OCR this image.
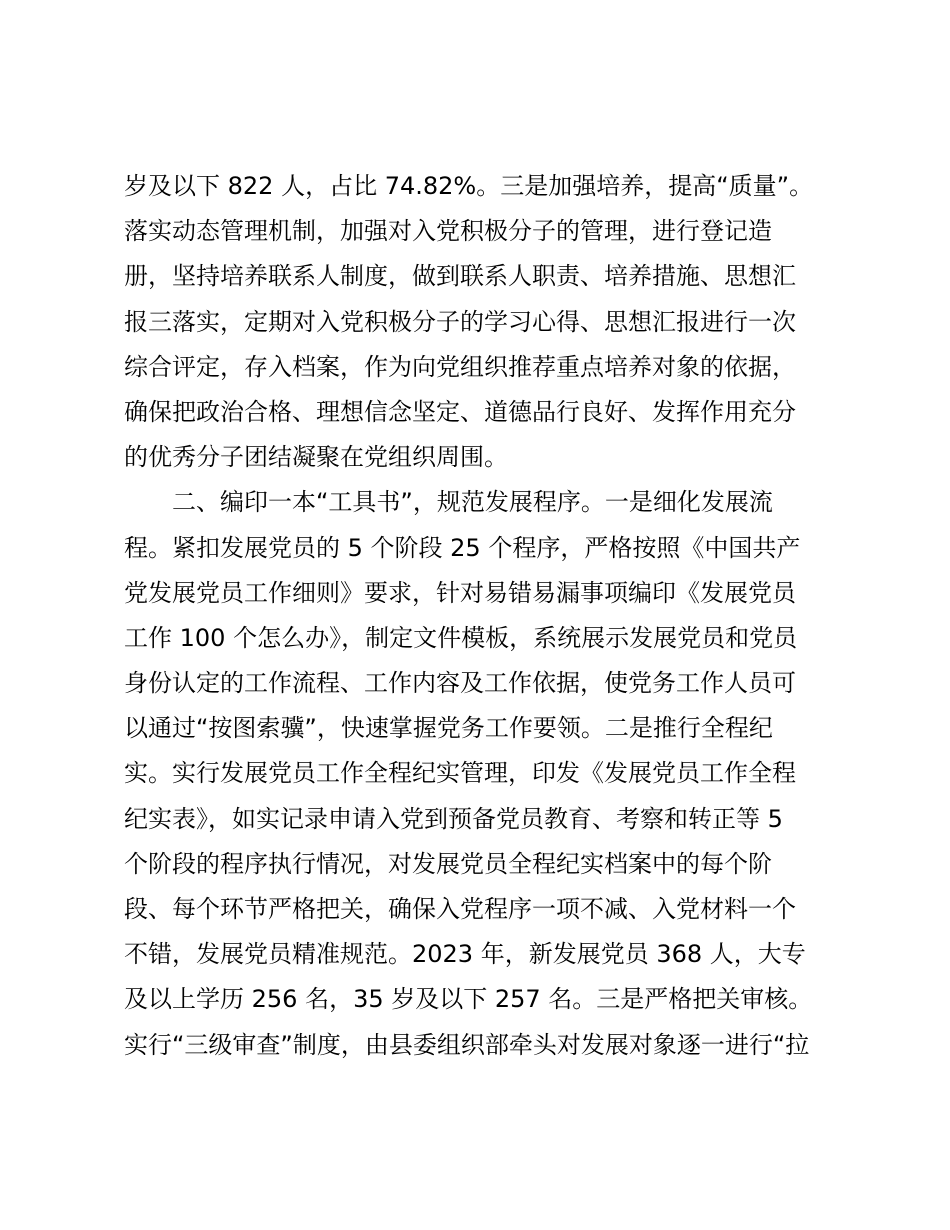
岁及以下 822 人，占比 74.82%。三是加强培养，提高“质量”。
落实动态管理机制，加强对入党积极分子的管理，进行登记造
册，坚持培养联系人制度，做到联系人职责、培养措施、思想汇
报三落实，定期对入党积极分子的学习心得、思想汇报进行一次
综合评定，存入档案，作为向党组织推荐重点培养对象的依据，
确保把政治合格、理想信念坚定、道德品行良好、发挥作用充分
的优秀分子团结凝聚在党组织周围。
　　二、编印一本“工具书”，规范发展程序。一是细化发展流
程。紧扣发展党员的 5 个阶段 25 个程序，严格按照《中国共产
党发展党员工作细则》要求，针对易错易漏事项编印《发展党员
工作 100 个怎么办》，制定文件模板，系统展示发展党员和党员
身份认定的工作流程、工作内容及工作依据，使党务工作人员可
以通过“按图索骥”，快速掌握党务工作要领。二是推行全程纪
实。实行发展党员工作全程纪实管理，印发《发展党员工作全程
纪实表》，如实记录申请入党到预备党员教育、考察和转正等 5
个阶段的程序执行情况，对发展党员全程纪实档案中的每个阶
段、每个环节严格把关，确保入党程序一项不减、入党材料一个
不错，发展党员精准规范。2023 年，新发展党员 368 人，大专
及以上学历 256 名，35 岁及以下 257 名。三是严格把关审核。
实行“三级审查”制度，由县委组织部牵头对发展对象逐一进行“拉
